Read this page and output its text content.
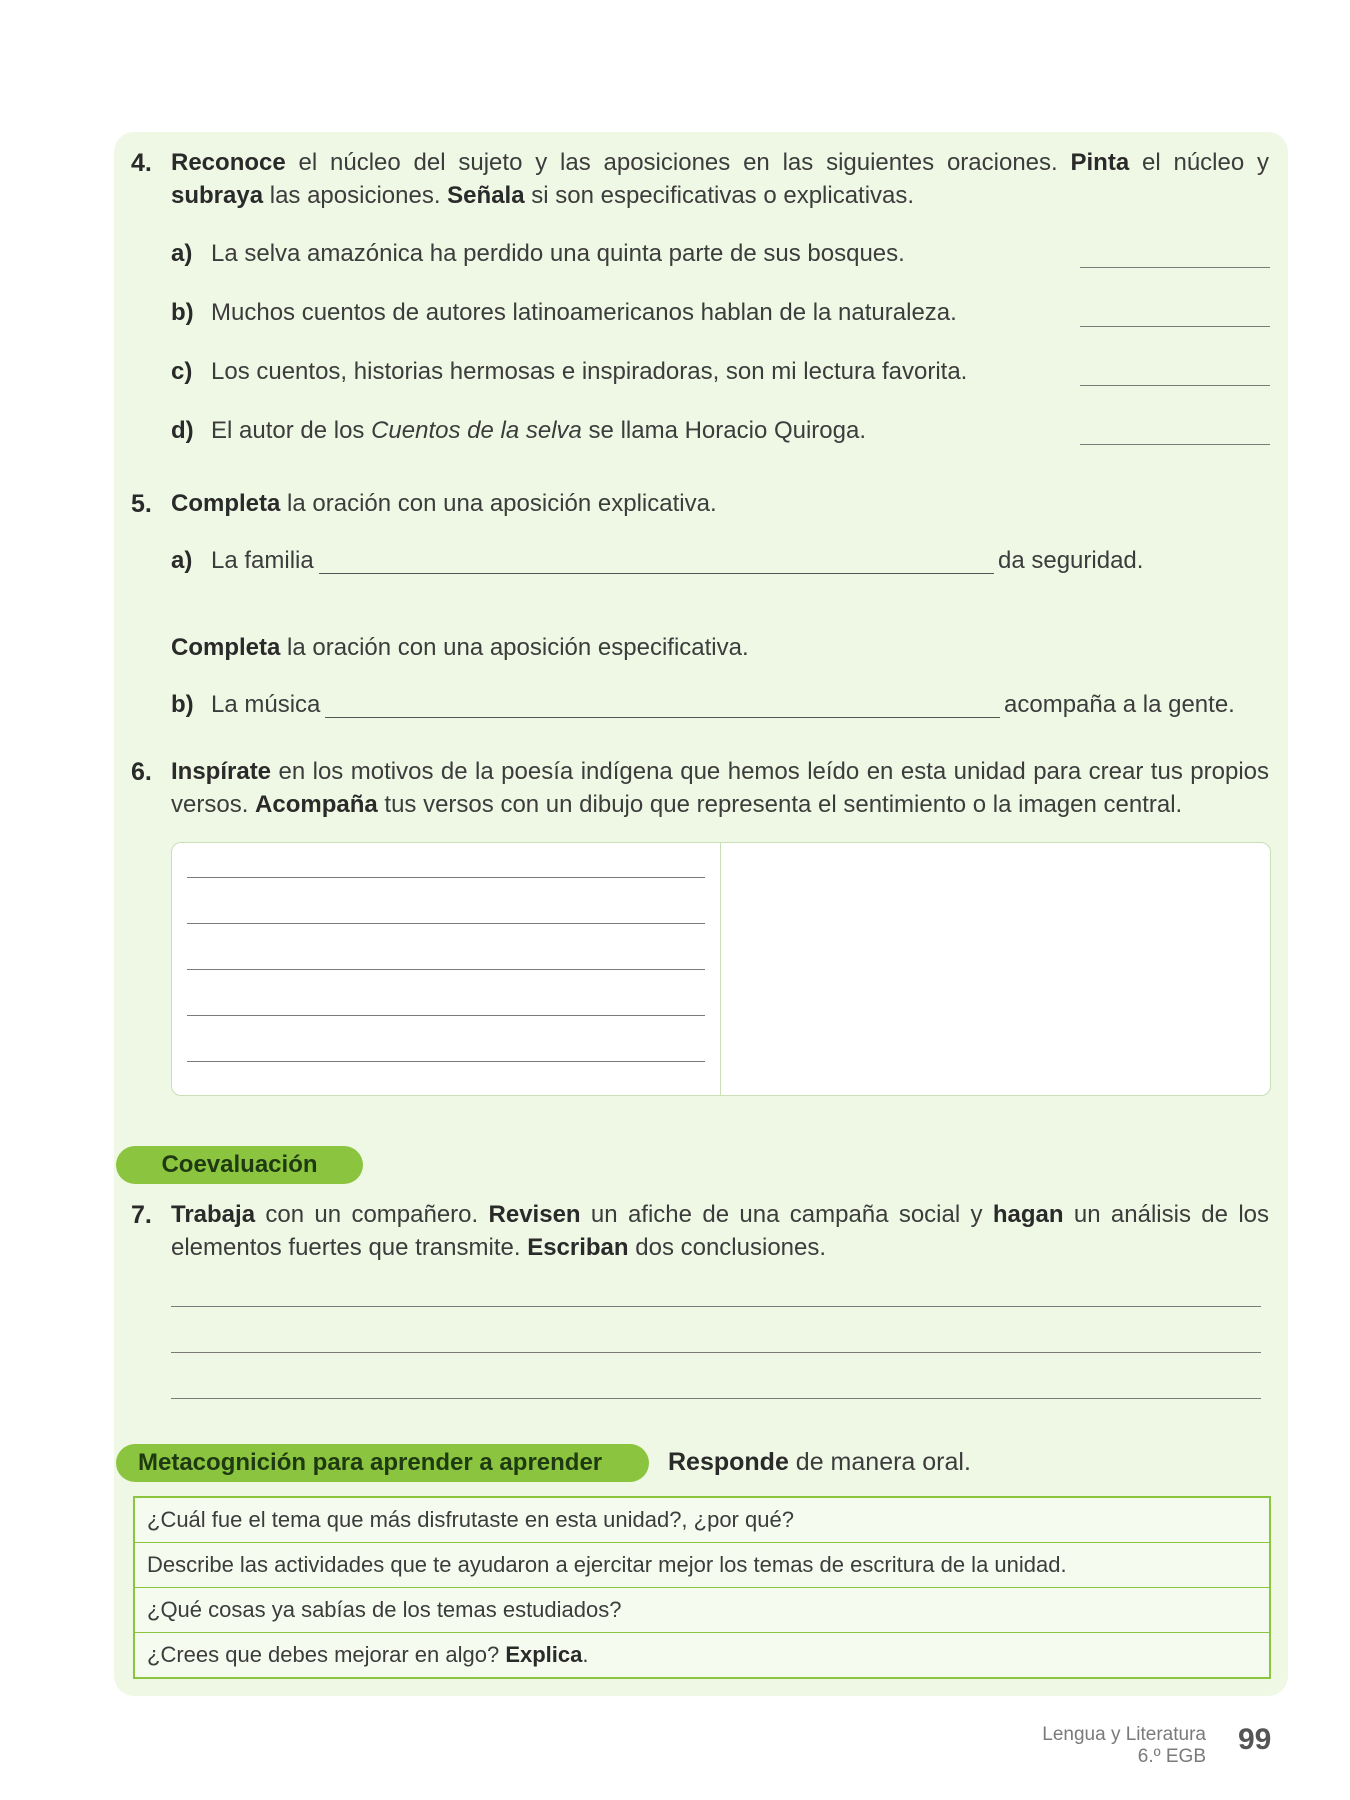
4. Reconoce el núcleo del sujeto y las aposiciones en las siguientes oraciones. Pinta el núcleo y subraya las aposiciones. Señala si son especificativas o explicativas.
a) La selva amazónica ha perdido una quinta parte de sus bosques.
b) Muchos cuentos de autores latinoamericanos hablan de la naturaleza.
c) Los cuentos, historias hermosas e inspiradoras, son mi lectura favorita.
d) El autor de los Cuentos de la selva se llama Horacio Quiroga.
5. Completa la oración con una aposición explicativa.
a) La familia	da seguridad.
Completa la oración con una aposición especificativa.
b) La música	acompaña a la gente.
6. Inspírate en los motivos de la poesía indígena que hemos leído en esta unidad para crear tus propios versos. Acompaña tus versos con un dibujo que representa el sentimiento o la imagen central.
Coevaluación
7. Trabaja con un compañero. Revisen un afiche de una campaña social y hagan un análisis de los elementos fuertes que transmite. Escriban dos conclusiones.
Metacognición para aprender a aprender	Responde de manera oral.
¿Cuál fue el tema que más disfrutaste en esta unidad?, ¿por qué?
Describe las actividades que te ayudaron a ejercitar mejor los temas de escritura de la unidad.
¿Qué cosas ya sabías de los temas estudiados?
¿Crees que debes mejorar en algo? Explica.
Lengua y Literatura
6.º EGB
99
